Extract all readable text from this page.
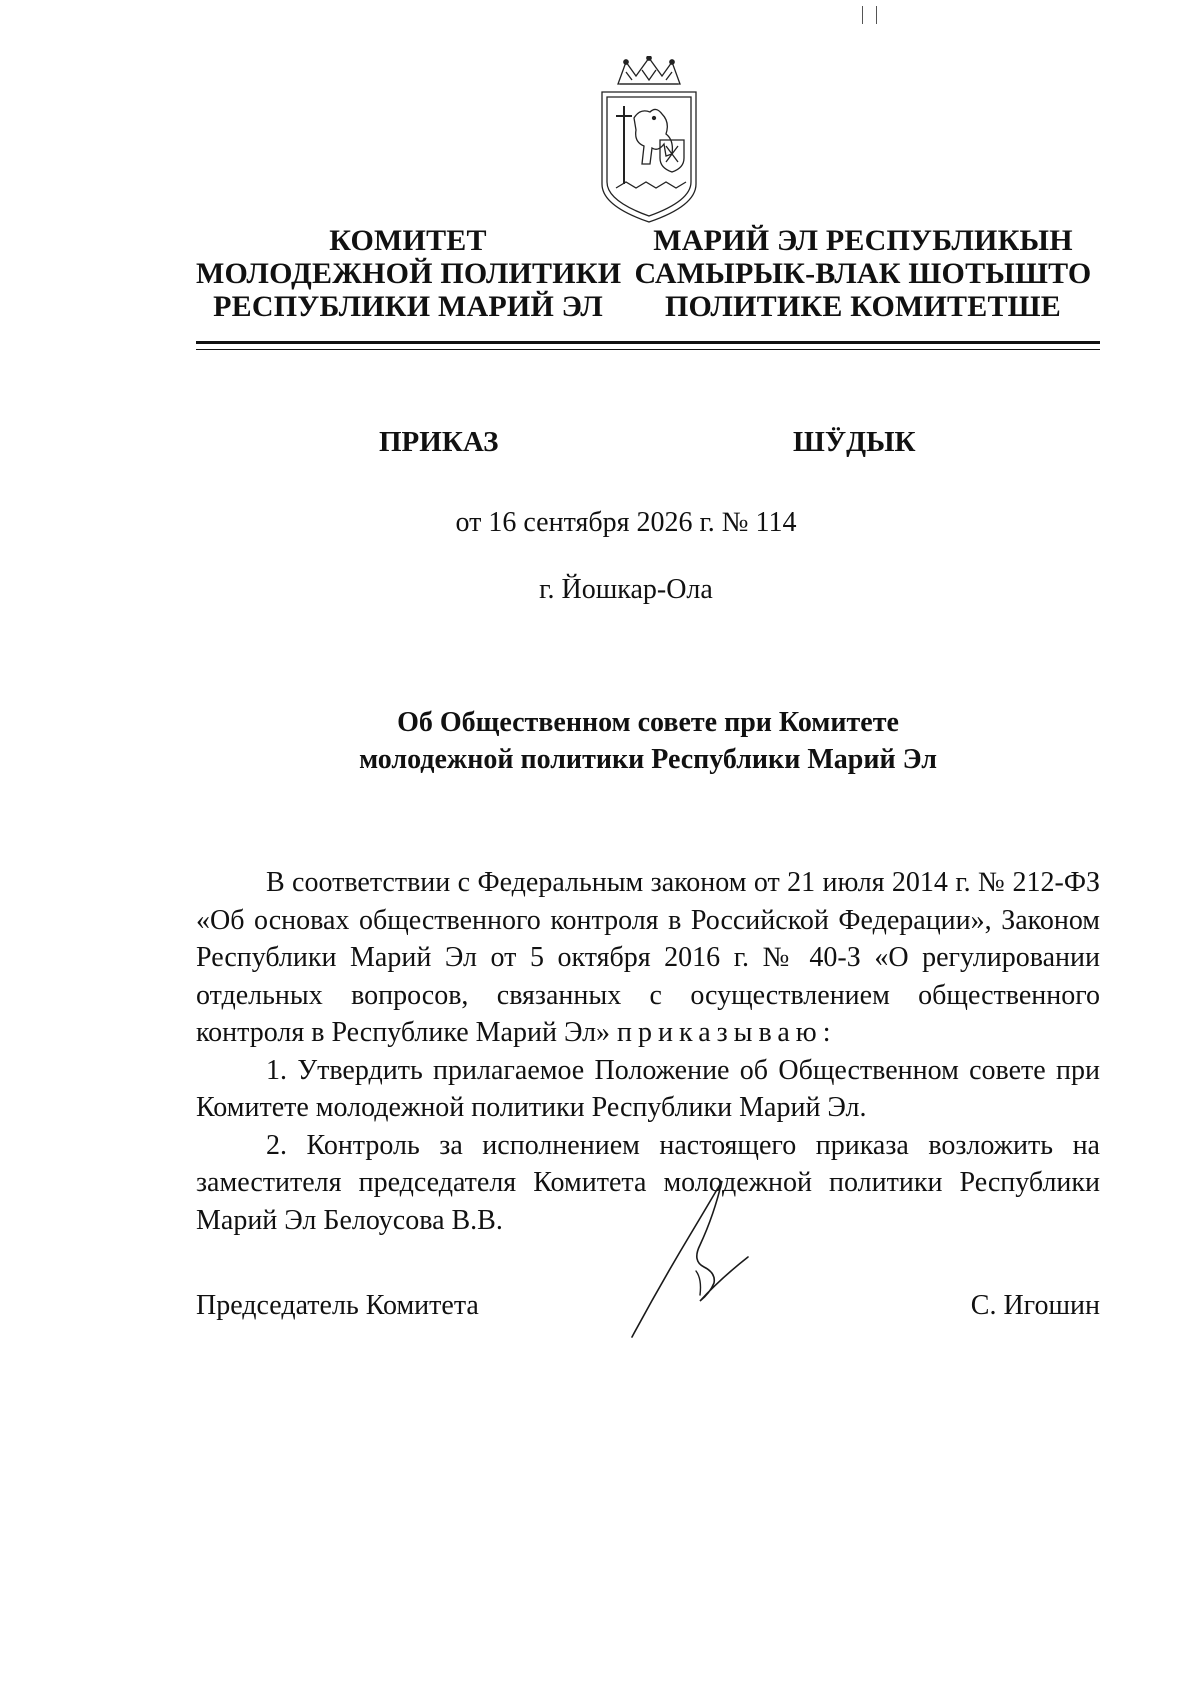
КОМИТЕТ
МОЛОДЕЖНОЙ ПОЛИТИКИ
РЕСПУБЛИКИ МАРИЙ ЭЛ
МАРИЙ ЭЛ РЕСПУБЛИКЫН
САМЫРЫК-ВЛАК ШОТЫШТО
ПОЛИТИКЕ КОМИТЕТШЕ
ПРИКАЗ	ШӰДЫК
от 16 сентября 2026 г. № 114
г. Йошкар-Ола
Об Общественном совете при Комитете
молодежной политики Республики Марий Эл

В соответствии с Федеральным законом от 21 июля 2014 г. № 212-ФЗ «Об основах общественного контроля в Российской Федерации», Законом Республики Марий Эл от 5 октября 2016 г. № 40-З «О регулировании отдельных вопросов, связанных с осуществлением общественного контроля в Республике Марий Эл» приказываю:

1. Утвердить прилагаемое Положение об Общественном совете при Комитете молодежной политики Республики Марий Эл.

2. Контроль за исполнением настоящего приказа возложить на заместителя председателя Комитета молодежной политики Республики Марий Эл Белоусова В.В.

Председатель Комитета	С. Игошин
